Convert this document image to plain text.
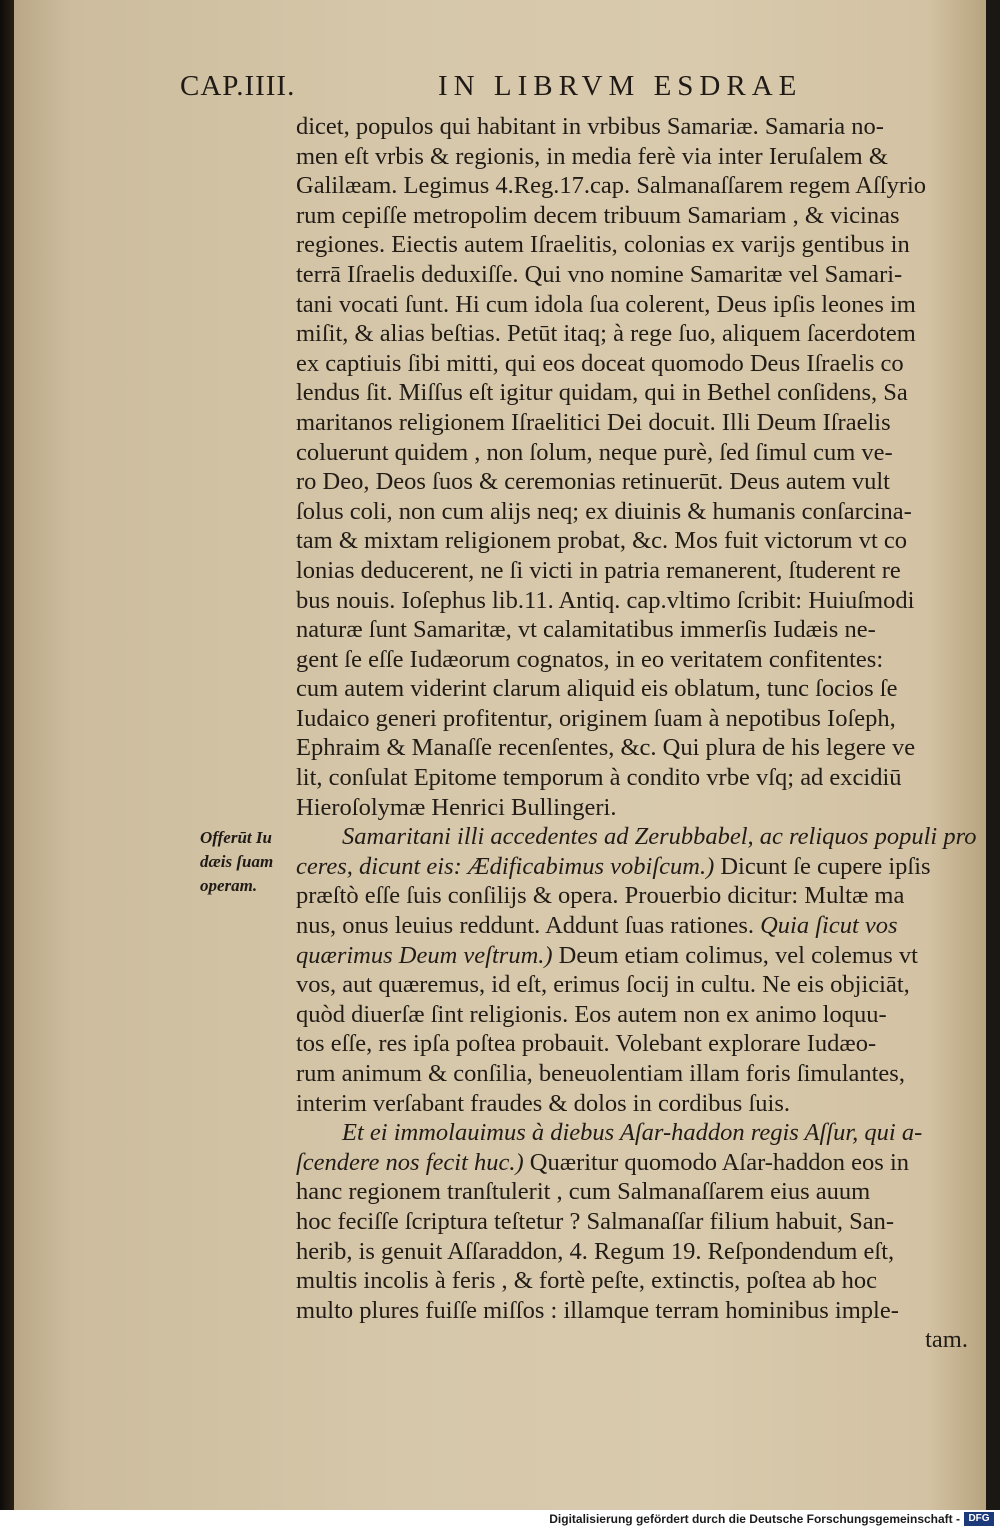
CAP.IIII.	IN LIBRVM ESDRAE
Offerūt Iu
dæis ſuam
operam.
dicet, populos qui habitant in vrbibus Samariæ. Samaria no-
men eſt vrbis & regionis, in media ferè via inter Ieruſalem &
Galilæam. Legimus 4.Reg.17.cap. Salmanaſſarem regem Aſſyrio
rum cepiſſe metropolim decem tribuum Samariam , & vicinas
regiones. Eiectis autem Iſraelitis, colonias ex varijs gentibus in
terrā Iſraelis deduxiſſe. Qui vno nomine Samaritæ vel Samari-
tani vocati ſunt. Hi cum idola ſua colerent, Deus ipſis leones im
miſit, & alias beſtias. Petūt itaq; à rege ſuo, aliquem ſacerdotem
ex captiuis ſibi mitti, qui eos doceat quomodo Deus Iſraelis co
lendus ſit. Miſſus eſt igitur quidam, qui in Bethel conſidens, Sa
maritanos religionem Iſraelitici Dei docuit. Illi Deum Iſraelis
coluerunt quidem , non ſolum, neque purè, ſed ſimul cum ve-
ro Deo, Deos ſuos & ceremonias retinuerūt. Deus autem vult
ſolus coli, non cum alijs neq; ex diuinis & humanis conſarcina-
tam & mixtam religionem probat, &c. Mos fuit victorum vt co
lonias deducerent, ne ſi victi in patria remanerent, ſtuderent re
bus nouis. Ioſephus lib.11. Antiq. cap.vltimo ſcribit: Huiuſmodi
naturæ ſunt Samaritæ, vt calamitatibus immerſis Iudæis ne-
gent ſe eſſe Iudæorum cognatos, in eo veritatem confitentes:
cum autem viderint clarum aliquid eis oblatum, tunc ſocios ſe
Iudaico generi profitentur, originem ſuam à nepotibus Ioſeph,
Ephraim & Manaſſe recenſentes, &c. Qui plura de his legere ve
lit, conſulat Epitome temporum à condito vrbe vſq; ad excidiū
Hieroſolymæ Henrici Bullingeri.
Samaritani illi accedentes ad Zerubbabel, ac reliquos populi pro
ceres, dicunt eis: Ædificabimus vobiſcum.) Dicunt ſe cupere ipſis
præſtò eſſe ſuis conſilijs & opera. Prouerbio dicitur: Multæ ma
nus, onus leuius reddunt. Addunt ſuas rationes. Quia ſicut vos
quærimus Deum veſtrum.) Deum etiam colimus, vel colemus vt
vos, aut quæremus, id eſt, erimus ſocij in cultu. Ne eis objiciāt,
quòd diuerſæ ſint religionis. Eos autem non ex animo loquu-
tos eſſe, res ipſa poſtea probauit. Volebant explorare Iudæo-
rum animum & conſilia, beneuolentiam illam foris ſimulantes,
interim verſabant fraudes & dolos in cordibus ſuis.
Et ei immolauimus à diebus Aſar-haddon regis Aſſur, qui a-
ſcendere nos fecit huc.) Quæritur quomodo Aſar-haddon eos in
hanc regionem tranſtulerit , cum Salmanaſſarem eius auum
hoc feciſſe ſcriptura teſtetur ? Salmanaſſar filium habuit, San-
herib, is genuit Aſſaraddon, 4. Regum 19. Reſpondendum eſt,
multis incolis à feris , & fortè peſte, extinctis, poſtea ab hoc
multo plures fuiſſe miſſos : illamque terram hominibus imple-
tam.
Digitalisierung gefördert durch die Deutsche Forschungsgemeinschaft - DFG
